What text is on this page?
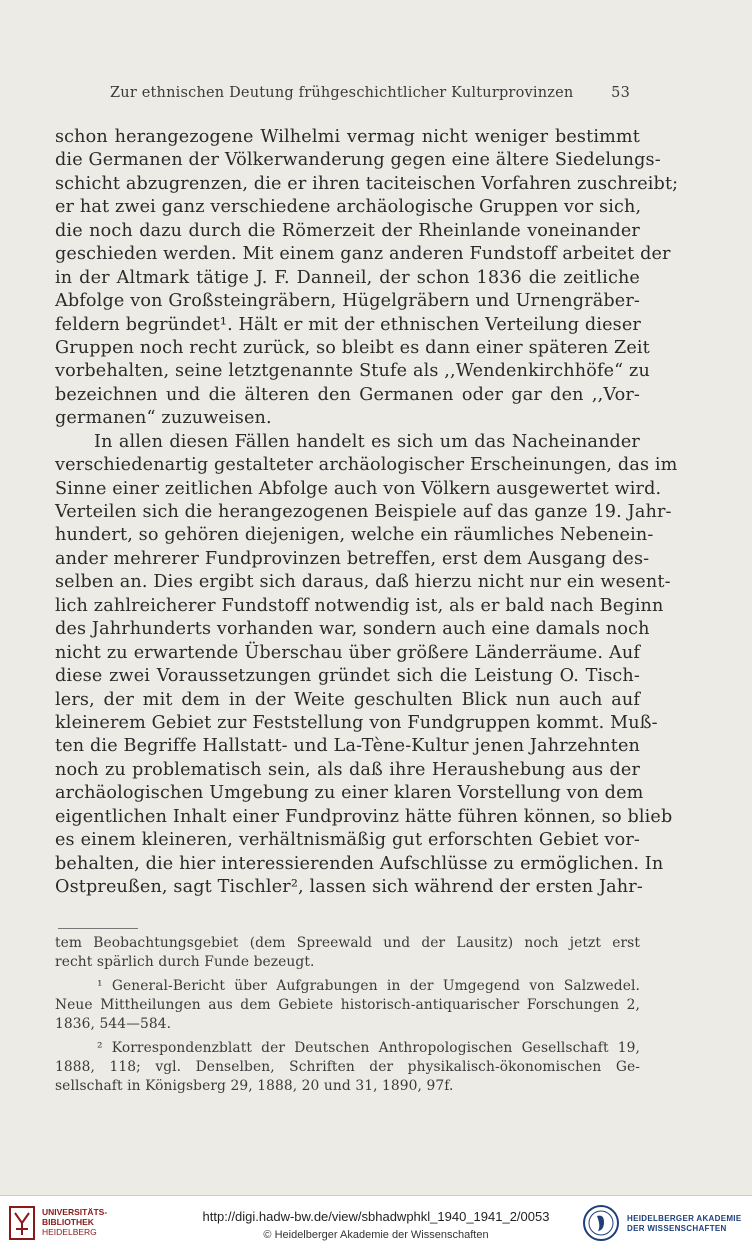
Zur ethnischen Deutung frühgeschichtlicher Kulturprovinzen	53
schon herangezogene Wilhelmi vermag nicht weniger bestimmt
die Germanen der Völkerwanderung gegen eine ältere Siedelungs-
schicht abzugrenzen, die er ihren taciteischen Vorfahren zuschreibt;
er hat zwei ganz verschiedene archäologische Gruppen vor sich,
die noch dazu durch die Römerzeit der Rheinlande voneinander
geschieden werden. Mit einem ganz anderen Fundstoff arbeitet der
in der Altmark tätige J. F. Danneil, der schon 1836 die zeitliche
Abfolge von Großsteingräbern, Hügelgräbern und Urnengräber-
feldern begründet¹. Hält er mit der ethnischen Verteilung dieser
Gruppen noch recht zurück, so bleibt es dann einer späteren Zeit
vorbehalten, seine letztgenannte Stufe als ,,Wendenkirchhöfe“ zu
bezeichnen und die älteren den Germanen oder gar den ,,Vor-
germanen“ zuzuweisen.
In allen diesen Fällen handelt es sich um das Nacheinander
verschiedenartig gestalteter archäologischer Erscheinungen, das im
Sinne einer zeitlichen Abfolge auch von Völkern ausgewertet wird.
Verteilen sich die herangezogenen Beispiele auf das ganze 19. Jahr-
hundert, so gehören diejenigen, welche ein räumliches Nebenein-
ander mehrerer Fundprovinzen betreffen, erst dem Ausgang des-
selben an. Dies ergibt sich daraus, daß hierzu nicht nur ein wesent-
lich zahlreicherer Fundstoff notwendig ist, als er bald nach Beginn
des Jahrhunderts vorhanden war, sondern auch eine damals noch
nicht zu erwartende Überschau über größere Länderräume. Auf
diese zwei Voraussetzungen gründet sich die Leistung O. Tisch-
lers, der mit dem in der Weite geschulten Blick nun auch auf
kleinerem Gebiet zur Feststellung von Fundgruppen kommt. Muß-
ten die Begriffe Hallstatt- und La-Tène-Kultur jenen Jahrzehnten
noch zu problematisch sein, als daß ihre Heraushebung aus der
archäologischen Umgebung zu einer klaren Vorstellung von dem
eigentlichen Inhalt einer Fundprovinz hätte führen können, so blieb
es einem kleineren, verhältnismäßig gut erforschten Gebiet vor-
behalten, die hier interessierenden Aufschlüsse zu ermöglichen. In
Ostpreußen, sagt Tischler², lassen sich während der ersten Jahr-
tem Beobachtungsgebiet (dem Spreewald und der Lausitz) noch jetzt erst
recht spärlich durch Funde bezeugt.
¹ General-Bericht über Aufgrabungen in der Umgegend von Salzwedel.
Neue Mittheilungen aus dem Gebiete historisch-antiquarischer Forschungen 2,
1836, 544—584.
² Korrespondenzblatt der Deutschen Anthropologischen Gesellschaft 19,
1888, 118; vgl. Denselben, Schriften der physikalisch-ökonomischen Ge-
sellschaft in Königsberg 29, 1888, 20 und 31, 1890, 97f.
UNIVERSITÄTS-
BIBLIOTHEK
HEIDELBERG
http://digi.hadw-bw.de/view/sbhadwphkl_1940_1941_2/0053
© Heidelberger Akademie der Wissenschaften
HEIDELBERGER AKADEMIE
DER WISSENSCHAFTEN
